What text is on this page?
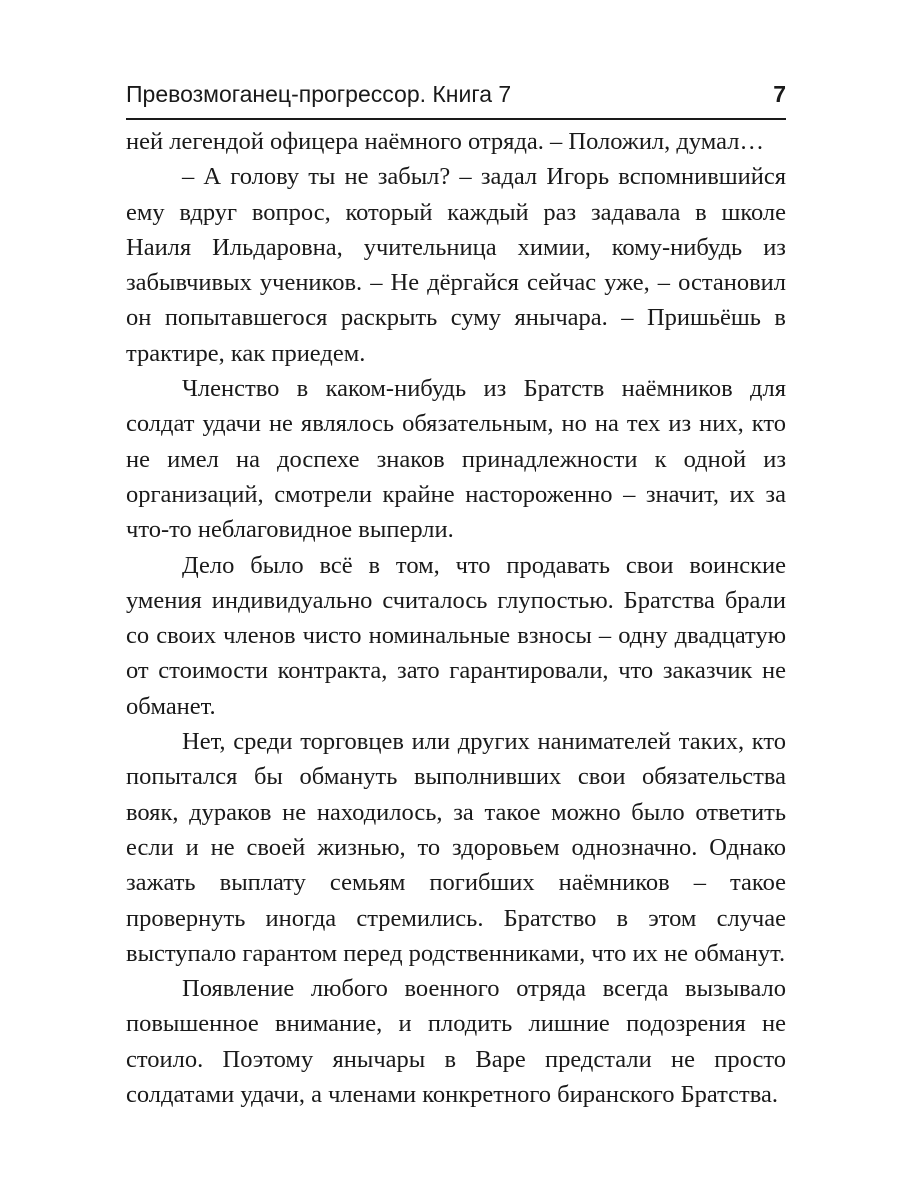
Превозмоганец-прогрессор. Книга 7	7

ней легендой офицера наёмного отряда. – Положил, думал…

– А голову ты не забыл? – задал Игорь вспомнившийся ему вдруг вопрос, который каждый раз задавала в школе Наиля Ильдаровна, учительница химии, кому-нибудь из забывчивых учеников. – Не дёргайся сейчас уже, – остановил он попытавшегося раскрыть суму янычара. – Пришьёшь в трактире, как приедем.

Членство в каком-нибудь из Братств наёмников для солдат удачи не являлось обязательным, но на тех из них, кто не имел на доспехе знаков принадлежности к одной из организаций, смотрели крайне настороженно – значит, их за что-то неблаговидное выперли.

Дело было всё в том, что продавать свои воинские умения индивидуально считалось глупостью. Братства брали со своих членов чисто номинальные взносы – одну двадцатую от стоимости контракта, зато гарантировали, что заказчик не обманет.

Нет, среди торговцев или других нанимателей таких, кто попытался бы обмануть выполнивших свои обязательства вояк, дураков не находилось, за такое можно было ответить если и не своей жизнью, то здоровьем однозначно. Однако зажать выплату семьям погибших наёмников – такое провернуть иногда стремились. Братство в этом случае выступало гарантом перед родственниками, что их не обманут.

Появление любого военного отряда всегда вызывало повышенное внимание, и плодить лишние подозрения не стоило. Поэтому янычары в Варе предстали не просто солдатами удачи, а членами конкретного биранского Братства.
